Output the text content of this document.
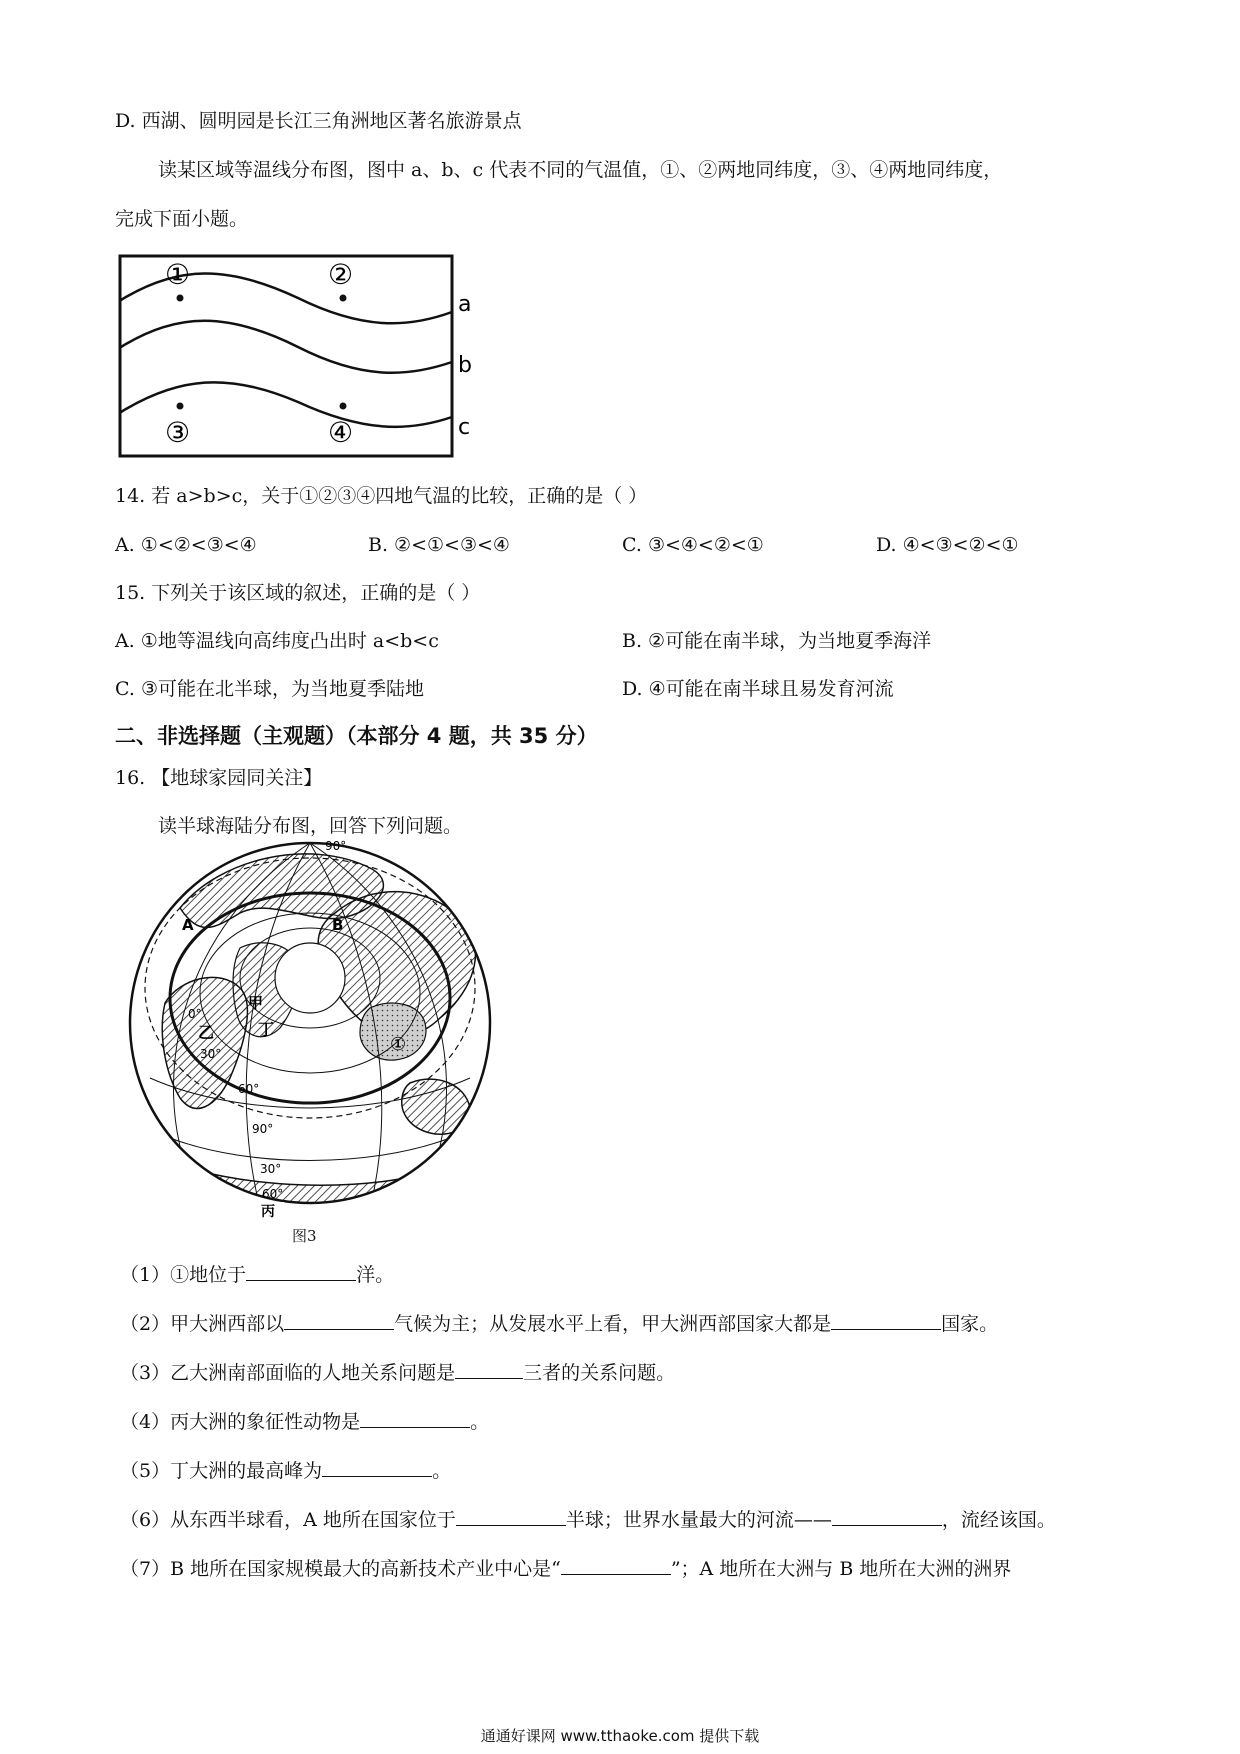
D. 西湖、圆明园是长江三角洲地区著名旅游景点
读某区域等温线分布图，图中 a、b、c 代表不同的气温值，①、②两地同纬度，③、④两地同纬度，
完成下面小题。
①	②
③	④
a
b
c
14. 若 a>b>c，关于①②③④四地气温的比较，正确的是（ ）
A. ①<②<③<④	B. ②<①<③<④	C. ③<④<②<①	D. ④<③<②<①
15. 下列关于该区域的叙述，正确的是（ ）
A. ①地等温线向高纬度凸出时 a<b<c	B. ②可能在南半球，为当地夏季海洋
C. ③可能在北半球，为当地夏季陆地	D. ④可能在南半球且易发育河流
二、非选择题（主观题）（本部分 4 题，共 35 分）
16. 【地球家园同关注】
读半球海陆分布图，回答下列问题。
90°
A	B
甲
乙	丁
①
0°
30°
60°
90°
30°
60°
丙
图3
（1）①地位于	洋。
（2）甲大洲西部以	气候为主；从发展水平上看，甲大洲西部国家大都是	国家。
（3）乙大洲南部面临的人地关系问题是	三者的关系问题。
（4）丙大洲的象征性动物是	。
（5）丁大洲的最高峰为	。
（6）从东西半球看，A 地所在国家位于	半球；世界水量最大的河流——	，流经该国。
（7）B 地所在国家规模最大的高新技术产业中心是“	”；A 地所在大洲与 B 地所在大洲的洲界
通通好课网 www.tthaoke.com 提供下载
